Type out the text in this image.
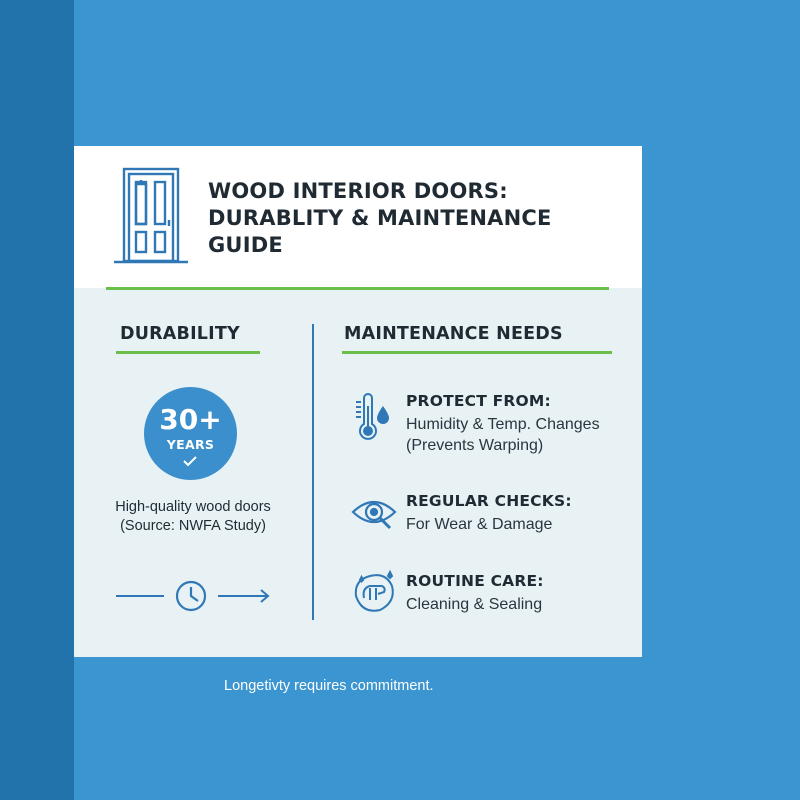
WOOD INTERIOR DOORS:
DURABLITY & MAINTENANCE
GUIDE
DURABILITY
30+
YEARS
High-quality wood doors
(Source: NWFA Study)
MAINTENANCE NEEDS
PROTECT FROM:
Humidity & Temp. Changes
(Prevents Warping)
REGULAR CHECKS:
For Wear & Damage
ROUTINE CARE:
Cleaning & Sealing
Longetivty requires commitment.
